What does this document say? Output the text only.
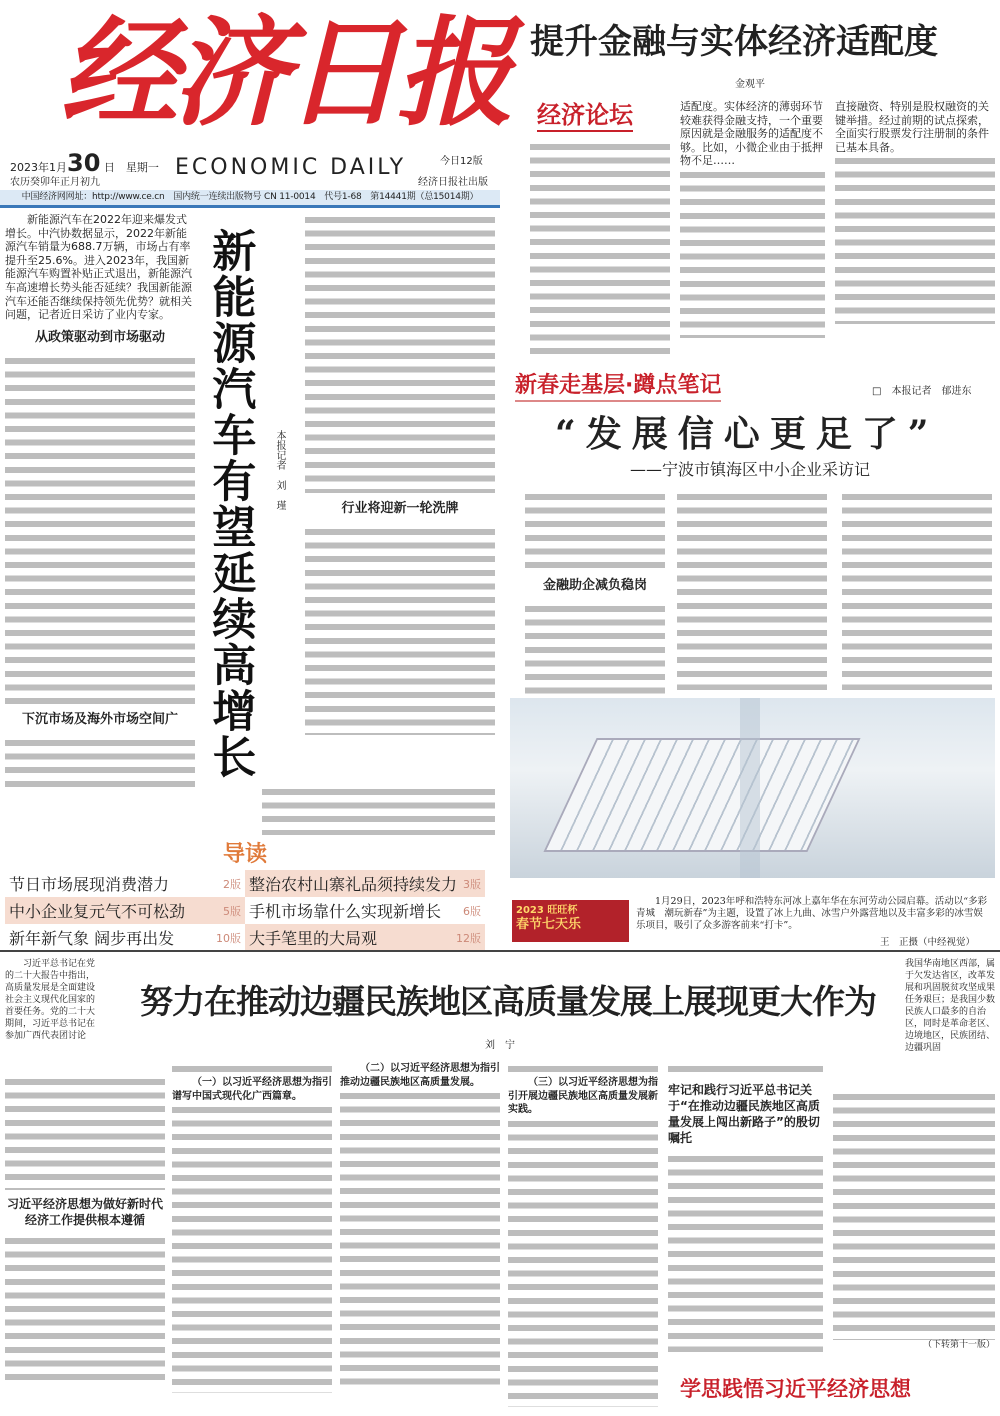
经济日报
2023年1月30 日　 星期一
农历癸卯年正月初九
ECONOMIC DAILY	今日12版
经济日报社出版
中国经济网网址：http://www.ce.cn　国内统一连续出版物号 CN 11-0014　代号1-68　第14441期（总15014期）
提升金融与实体经济适配度
金观平
经济论坛	适配度。实体经济的薄弱环节较难获得金融支持，一个重要原因就是金融服务的适配度不够。比如，小微企业由于抵押物不足……

直接融资、特别是股权融资的关键举措。经过前期的试点探索，全面实行股票发行注册制的条件已基本具备。

新能源汽车在2022年迎来爆发式增长。中汽协数据显示，2022年新能源汽车销量为688.7万辆，市场占有率提升至25.6%。进入2023年，我国新能源汽车购置补贴正式退出，新能源汽车高速增长势头能否延续？我国新能源汽车还能否继续保持领先优势？就相关问题，记者近日采访了业内专家。

从政策驱动到市场驱动
下沉市场及海外市场空间广 新能源汽车有望延续高增长 本报记者　刘　瑾	行业将迎新一轮洗牌
导读
节日市场展现消费潜力	2版 整治农村山寨礼品须持续发力 3版
中小企业复元气不可松劲	5版 手机市场靠什么实现新增长 6版
新年新气象 阔步再出发	10版 大手笔里的大局观	12版
新春走基层·蹲点笔记	□　本报记者　郁进东
“发展信心更足了”
——宁波市镇海区中小企业采访记
金融助企减负稳岗
2023 旺旺杯
春节七天乐

1月29日，2023年呼和浩特东河冰上嘉年华在东河劳动公园启幕。活动以“多彩青城　潮玩新春”为主题，设置了冰上九曲、冰雪户外露营地以及丰富多彩的冰雪娱乐项目，吸引了众多游客前来“打卡”。

王　正摄（中经视觉）

习近平总书记在党的二十大报告中指出，高质量发展是全面建设社会主义现代化国家的首要任务。党的二十大期间，习近平总书记在参加广西代表团讨论

努力在推动边疆民族地区高质量发展上展现更大作为
刘　宁

我国华南地区西部，属于欠发达省区，改革发展和巩固脱贫攻坚成果任务艰巨；是我国少数民族人口最多的自治区，同时是革命老区、边境地区，民族团结、边疆巩固

习近平经济思想为做好新时代经济工作提供根本遵循

（一）以习近平经济思想为指引谱写中国式现代化广西篇章。

（二）以习近平经济思想为指引推动边疆民族地区高质量发展。	（三）以习近平经济思想为指引开展边疆民族地区高质量发展新实践。

牢记和践行习近平总书记关于“在推动边疆民族地区高质量发展上闯出新路子”的殷切嘱托
（下转第十一版）
学思践悟习近平经济思想
